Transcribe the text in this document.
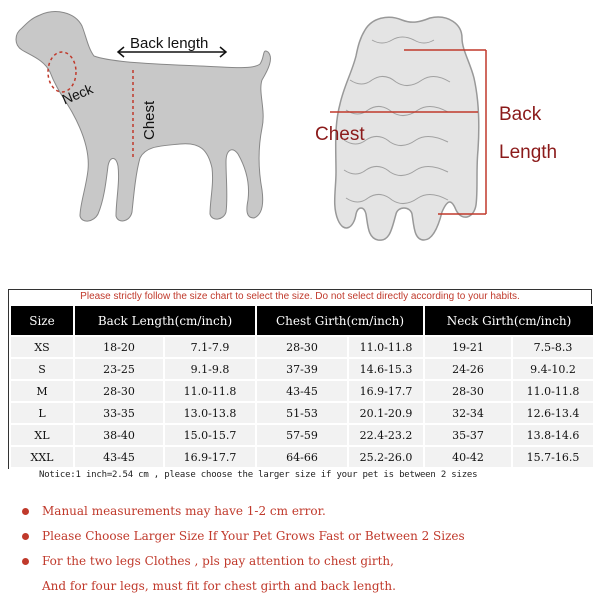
Back length
Neck
Chest	Chest
Back
Length
Please strictly follow the size chart to select the size. Do not select directly according to your habits.
Size	Back Length(cm/inch)		Chest Girth(cm/inch)		Neck Girth(cm/inch)	
XS	18-20	7.1-7.9	28-30	11.0-11.8	19-21	7.5-8.3
S	23-25	9.1-9.8	37-39	14.6-15.3	24-26	9.4-10.2
M	28-30	11.0-11.8	43-45	16.9-17.7	28-30	11.0-11.8
L	33-35	13.0-13.8	51-53	20.1-20.9	32-34	12.6-13.4
XL	38-40	15.0-15.7	57-59	22.4-23.2	35-37	13.8-14.6
XXL	43-45	16.9-17.7	64-66	25.2-26.0	40-42	15.7-16.5
Notice:1 inch=2.54 cm , please choose the larger size if your pet is between 2 sizes
Manual measurements may have 1-2 cm error.
Please Choose Larger Size If Your Pet Grows Fast or Between 2 Sizes
For the two legs Clothes , pls pay attention to chest girth,
And for four legs, must fit for chest girth and back length.
